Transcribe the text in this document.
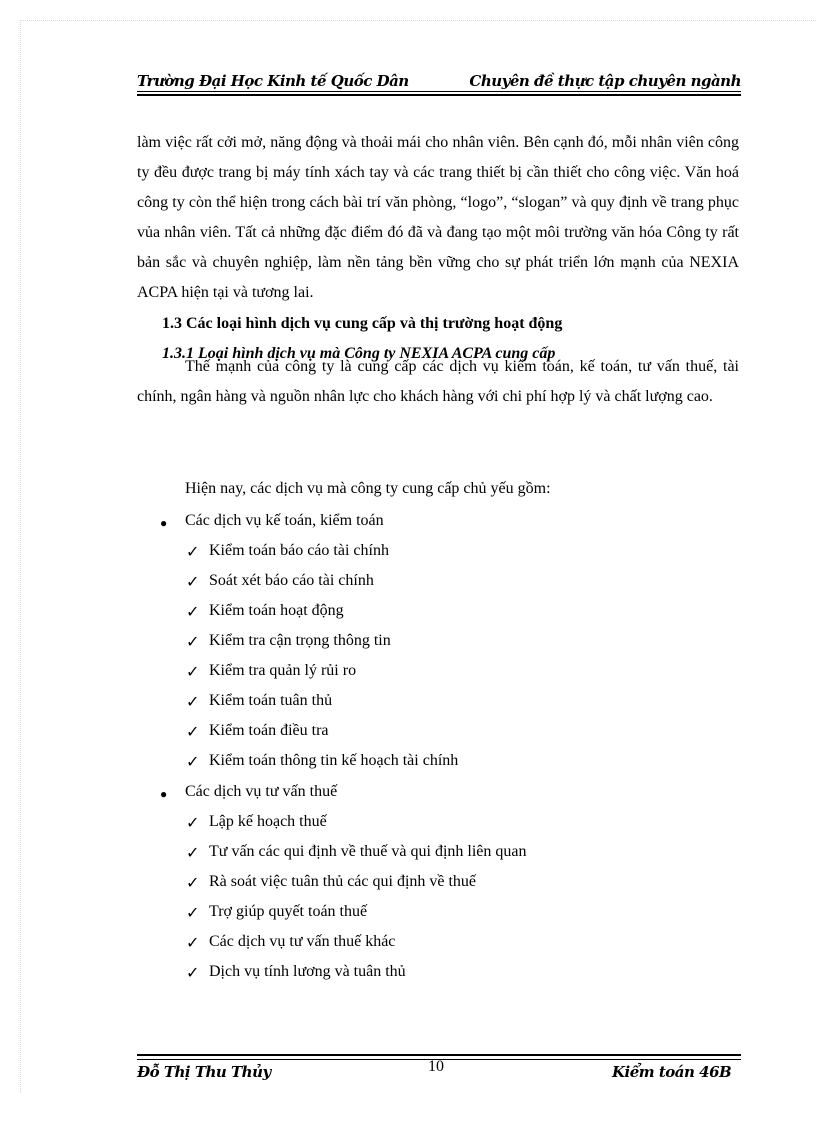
Trường Đại Học Kinh tế Quốc Dân	Chuyên đề thực tập chuyên ngành

làm việc rất cởi mở, năng động và thoải mái cho nhân viên. Bên cạnh đó, mỗi nhân viên công ty đều được trang bị máy tính xách tay và các trang thiết bị cần thiết cho công việc. Văn hoá công ty còn thể hiện trong cách bài trí văn phòng, “logo”, “slogan” và quy định về trang phục vủa nhân viên. Tất cả những đặc điểm đó đã và đang tạo một môi trường văn hóa Công ty rất bản sắc và chuyên nghiệp, làm nền tảng bền vững cho sự phát triển lớn mạnh của NEXIA ACPA hiện tại và tương lai.

1.3 Các loại hình dịch vụ cung cấp và thị trường hoạt động
1.3.1 Loại hình dịch vụ mà Công ty NEXIA ACPA cung cấp

Thế mạnh của công ty là cung cấp các dịch vụ kiểm toán, kế toán, tư vấn thuế, tài chính, ngân hàng và nguồn nhân lực cho khách hàng với chi phí hợp lý và chất lượng cao.

Hiện nay, các dịch vụ mà công ty cung cấp chủ yếu gồm:
● Các dịch vụ kế toán, kiểm toán
✓ Kiểm toán báo cáo tài chính
✓ Soát xét báo cáo tài chính
✓ Kiểm toán hoạt động
✓ Kiểm tra cận trọng thông tin
✓ Kiểm tra quản lý rủi ro
✓ Kiểm toán tuân thủ
✓ Kiểm toán điều tra
✓ Kiểm toán thông tin kế hoạch tài chính
● Các dịch vụ tư vấn thuế
✓ Lập kế hoạch thuế
✓ Tư vấn các qui định về thuế và qui định liên quan
✓ Rà soát việc tuân thủ các qui định về thuế
✓ Trợ giúp quyết toán thuế
✓ Các dịch vụ tư vấn thuế khác
✓ Dịch vụ tính lương và tuân thủ
Đỗ Thị Thu Thủy	10	Kiểm toán 46B
